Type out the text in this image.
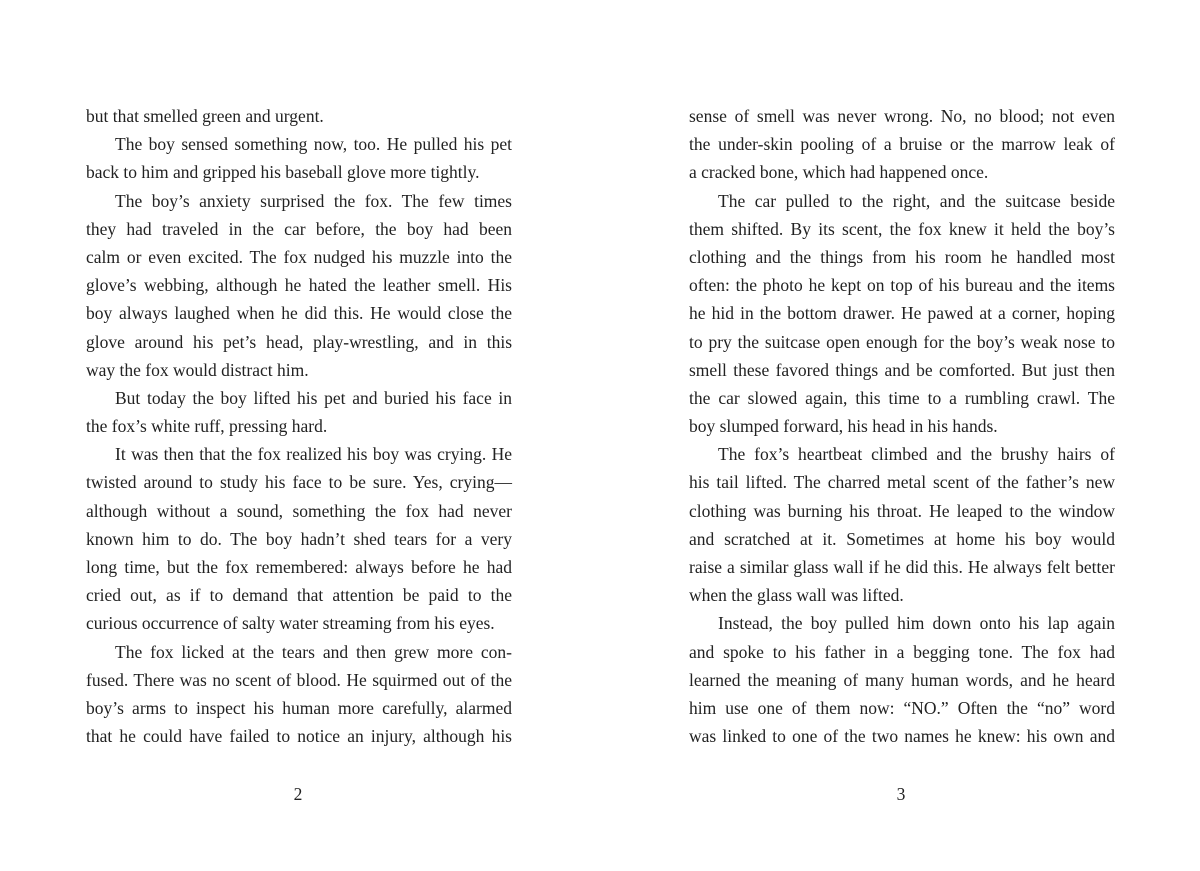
but that smelled green and urgent.
The boy sensed something now, too. He pulled his pet
back to him and gripped his baseball glove more tightly.
The boy’s anxiety surprised the fox. The few times
they had traveled in the car before, the boy had been
calm or even excited. The fox nudged his muzzle into the
glove’s webbing, although he hated the leather smell. His
boy always laughed when he did this. He would close the
glove around his pet’s head, play-wrestling, and in this
way the fox would distract him.
But today the boy lifted his pet and buried his face in
the fox’s white ruff, pressing hard.
It was then that the fox realized his boy was crying. He
twisted around to study his face to be sure. Yes, crying—
although without a sound, something the fox had never
known him to do. The boy hadn’t shed tears for a very
long time, but the fox remembered: always before he had
cried out, as if to demand that attention be paid to the
curious occurrence of salty water streaming from his eyes.
The fox licked at the tears and then grew more con-
fused. There was no scent of blood. He squirmed out of the
boy’s arms to inspect his human more carefully, alarmed
that he could have failed to notice an injury, although his
2
sense of smell was never wrong. No, no blood; not even
the under-skin pooling of a bruise or the marrow leak of
a cracked bone, which had happened once.
The car pulled to the right, and the suitcase beside
them shifted. By its scent, the fox knew it held the boy’s
clothing and the things from his room he handled most
often: the photo he kept on top of his bureau and the items
he hid in the bottom drawer. He pawed at a corner, hoping
to pry the suitcase open enough for the boy’s weak nose to
smell these favored things and be comforted. But just then
the car slowed again, this time to a rumbling crawl. The
boy slumped forward, his head in his hands.
The fox’s heartbeat climbed and the brushy hairs of
his tail lifted. The charred metal scent of the father’s new
clothing was burning his throat. He leaped to the window
and scratched at it. Sometimes at home his boy would
raise a similar glass wall if he did this. He always felt better
when the glass wall was lifted.
Instead, the boy pulled him down onto his lap again
and spoke to his father in a begging tone. The fox had
learned the meaning of many human words, and he heard
him use one of them now: “NO.” Often the “no” word
was linked to one of the two names he knew: his own and
3
